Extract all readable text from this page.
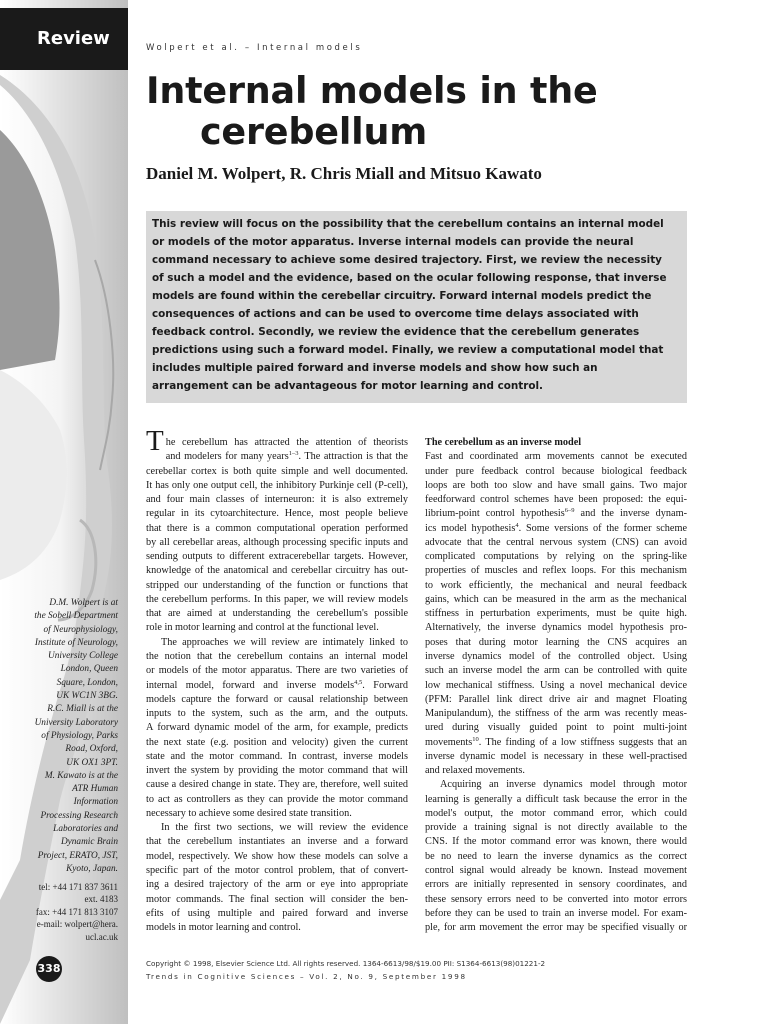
Review
D.M. Wolpert is at
the Sobell Department
of Neurophysiology,
Institute of Neurology,
University College
London, Queen
Square, London,
UK WC1N 3BG.
R.C. Miall is at the
University Laboratory
of Physiology, Parks
Road, Oxford,
UK OX1 3PT.
M. Kawato is at the
ATR Human
Information
Processing Research
Laboratories and
Dynamic Brain
Project, ERATO, JST,
Kyoto, Japan.
tel: +44 171 837 3611
ext. 4183
fax: +44 171 813 3107
e-mail: wolpert@hera.
ucl.ac.uk
338
Wolpert et al. – Internal models
Internal models in the
cerebellum
Daniel M. Wolpert, R. Chris Miall and Mitsuo Kawato
This review will focus on the possibility that the cerebellum contains an internal model
or models of the motor apparatus. Inverse internal models can provide the neural
command necessary to achieve some desired trajectory. First, we review the necessity
of such a model and the evidence, based on the ocular following response, that inverse
models are found within the cerebellar circuitry. Forward internal models predict the
consequences of actions and can be used to overcome time delays associated with
feedback control. Secondly, we review the evidence that the cerebellum generates
predictions using such a forward model. Finally, we review a computational model that
includes multiple paired forward and inverse models and show how such an
arrangement can be advantageous for motor learning and control.
The cerebellum has attracted the attention of theorists
and modelers for many years$^{1-3}$. The attraction is that the
cerebellar cortex is both quite simple and well documented.
It has only one output cell, the inhibitory Purkinje cell (P-cell),
and four main classes of interneuron: it is also extremely
regular in its cytoarchitecture. Hence, most people believe
that there is a common computational operation performed
by all cerebellar areas, although processing specific inputs and
sending outputs to different extracerebellar targets. However,
knowledge of the anatomical and cerebellar circuitry has out-
stripped our understanding of the function or functions that
the cerebellum performs. In this paper, we will review models
that are aimed at understanding the cerebellum's possible
role in motor learning and control at the functional level.
The approaches we will review are intimately linked to
the notion that the cerebellum contains an internal model
or models of the motor apparatus. There are two varieties of
internal model, forward and inverse models$^{4,5}$. Forward
models capture the forward or causal relationship between
inputs to the system, such as the arm, and the outputs.
A forward dynamic model of the arm, for example, predicts
the next state (e.g. position and velocity) given the current
state and the motor command. In contrast, inverse models
invert the system by providing the motor command that will
cause a desired change in state. They are, therefore, well suited
to act as controllers as they can provide the motor command
necessary to achieve some desired state transition.
In the first two sections, we will review the evidence
that the cerebellum instantiates an inverse and a forward
model, respectively. We show how these models can solve a
specific part of the motor control problem, that of convert-
ing a desired trajectory of the arm or eye into appropriate
motor commands. The final section will consider the ben-
efits of using multiple and paired forward and inverse
models in motor learning and control.
The cerebellum as an inverse model
Fast and coordinated arm movements cannot be executed
under pure feedback control because biological feedback
loops are both too slow and have small gains. Two major
feedforward control schemes have been proposed: the equi-
librium-point control hypothesis$^{6-9}$ and the inverse dynam-
ics model hypothesis$^4$. Some versions of the former scheme
advocate that the central nervous system (CNS) can avoid
complicated computations by relying on the spring-like
properties of muscles and reflex loops. For this mechanism
to work efficiently, the mechanical and neural feedback
gains, which can be measured in the arm as the mechanical
stiffness in perturbation experiments, must be quite high.
Alternatively, the inverse dynamics model hypothesis pro-
poses that during motor learning the CNS acquires an
inverse dynamics model of the controlled object. Using
such an inverse model the arm can be controlled with quite
low mechanical stiffness. Using a novel mechanical device
(PFM: Parallel link direct drive air and magnet Floating
Manipulandum), the stiffness of the arm was recently meas-
ured during visually guided point to point multi-joint
movements$^{10}$. The finding of a low stiffness suggests that an
inverse dynamic model is necessary in these well-practised
and relaxed movements.
Acquiring an inverse dynamics model through motor
learning is generally a difficult task because the error in the
model's output, the motor command error, which could
provide a training signal is not directly available to the
CNS. If the motor command error was known, there would
be no need to learn the inverse dynamics as the correct
control signal would already be known. Instead movement
errors are initially represented in sensory coordinates, and
these sensory errors need to be converted into motor errors
before they can be used to train an inverse model. For exam-
ple, for arm movement the error may be specified visually or
Copyright © 1998, Elsevier Science Ltd. All rights reserved. 1364-6613/98/$19.00 PII: S1364-6613(98)01221-2
Trends in Cognitive Sciences – Vol. 2, No. 9, September 1998
